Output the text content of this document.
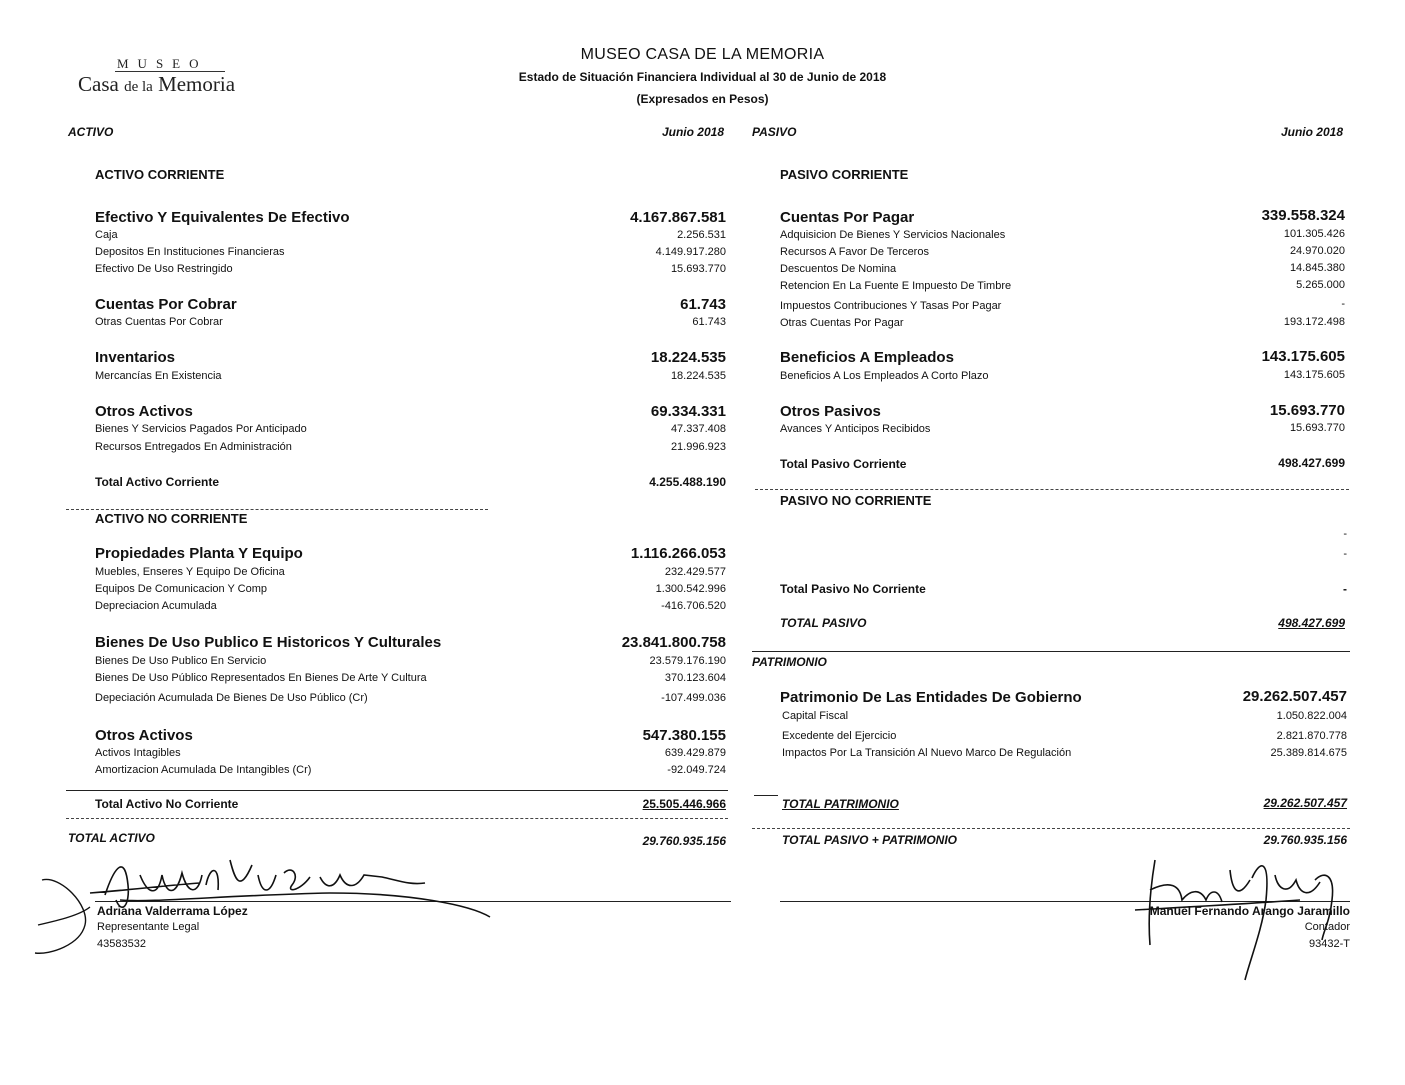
MUSEO
Casa de la Memoria
MUSEO CASA DE LA MEMORIA
Estado de Situación Financiera Individual al 30 de Junio de 2018
(Expresados en Pesos)
ACTIVO	Junio 2018 PASIVO	Junio 2018
ACTIVO CORRIENTE
Efectivo Y Equivalentes De Efectivo	4.167.867.581
Caja	2.256.531
Depositos En Instituciones Financieras	4.149.917.280
Efectivo De Uso Restringido	15.693.770
Cuentas Por Cobrar	61.743
Otras Cuentas Por Cobrar	61.743
Inventarios	18.224.535
Mercancías En Existencia	18.224.535
Otros Activos	69.334.331
Bienes Y Servicios Pagados Por Anticipado	47.337.408
Recursos Entregados En Administración	21.996.923
Total Activo Corriente	4.255.488.190
ACTIVO NO CORRIENTE
Propiedades Planta Y Equipo	1.116.266.053
Muebles, Enseres Y Equipo De Oficina	232.429.577
Equipos De Comunicacion Y Comp	1.300.542.996
Depreciacion Acumulada	-416.706.520
Bienes De Uso Publico E Historicos Y Culturales	23.841.800.758
Bienes De Uso Publico En Servicio	23.579.176.190
Bienes De Uso Público Representados En Bienes De Arte Y Cultura	370.123.604
Depeciación Acumulada De Bienes De Uso Público (Cr)	-107.499.036
Otros Activos	547.380.155
Activos Intagibles	639.429.879
Amortizacion Acumulada De Intangibles (Cr)	-92.049.724
Total Activo No Corriente	25.505.446.966
TOTAL ACTIVO	29.760.935.156
PASIVO CORRIENTE
Cuentas Por Pagar	339.558.324
Adquisicion De Bienes Y Servicios Nacionales	101.305.426
Recursos A Favor De Terceros	24.970.020
Descuentos De Nomina	14.845.380
Retencion En La Fuente E Impuesto De Timbre	5.265.000
Impuestos Contribuciones Y Tasas Por Pagar	-
Otras Cuentas Por Pagar	193.172.498
Beneficios A Empleados	143.175.605
Beneficios A Los Empleados A Corto Plazo	143.175.605
Otros Pasivos	15.693.770
Avances Y Anticipos Recibidos	15.693.770
Total Pasivo Corriente	498.427.699
PASIVO NO CORRIENTE
-
-
Total Pasivo No Corriente	-
TOTAL PASIVO	498.427.699
PATRIMONIO
Patrimonio De Las Entidades De Gobierno	29.262.507.457
Capital Fiscal	1.050.822.004
Excedente del Ejercicio	2.821.870.778
Impactos Por La Transición Al Nuevo Marco De Regulación	25.389.814.675
TOTAL PATRIMONIO	29.262.507.457
TOTAL PASIVO + PATRIMONIO	29.760.935.156
Adriana Valderrama López
Representante Legal
43583532
Manuel Fernando Arango Jaramillo
Contador
93432-T
